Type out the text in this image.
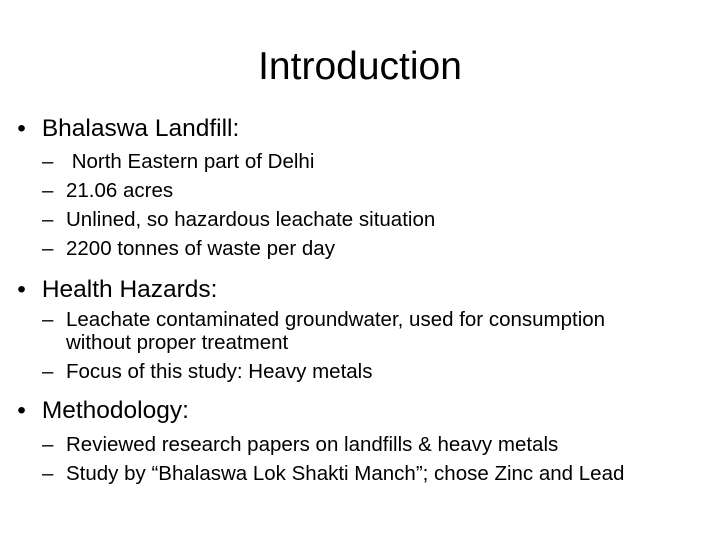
Introduction
• Bhalaswa Landfill:
– North Eastern part of Delhi
– 21.06 acres
– Unlined, so hazardous leachate situation
– 2200 tonnes of waste per day
• Health Hazards:
– Leachate contaminated groundwater, used for consumption
without proper treatment
– Focus of this study: Heavy metals
• Methodology:
– Reviewed research papers on landfills & heavy metals
– Study by “Bhalaswa Lok Shakti Manch”; chose Zinc and Lead
